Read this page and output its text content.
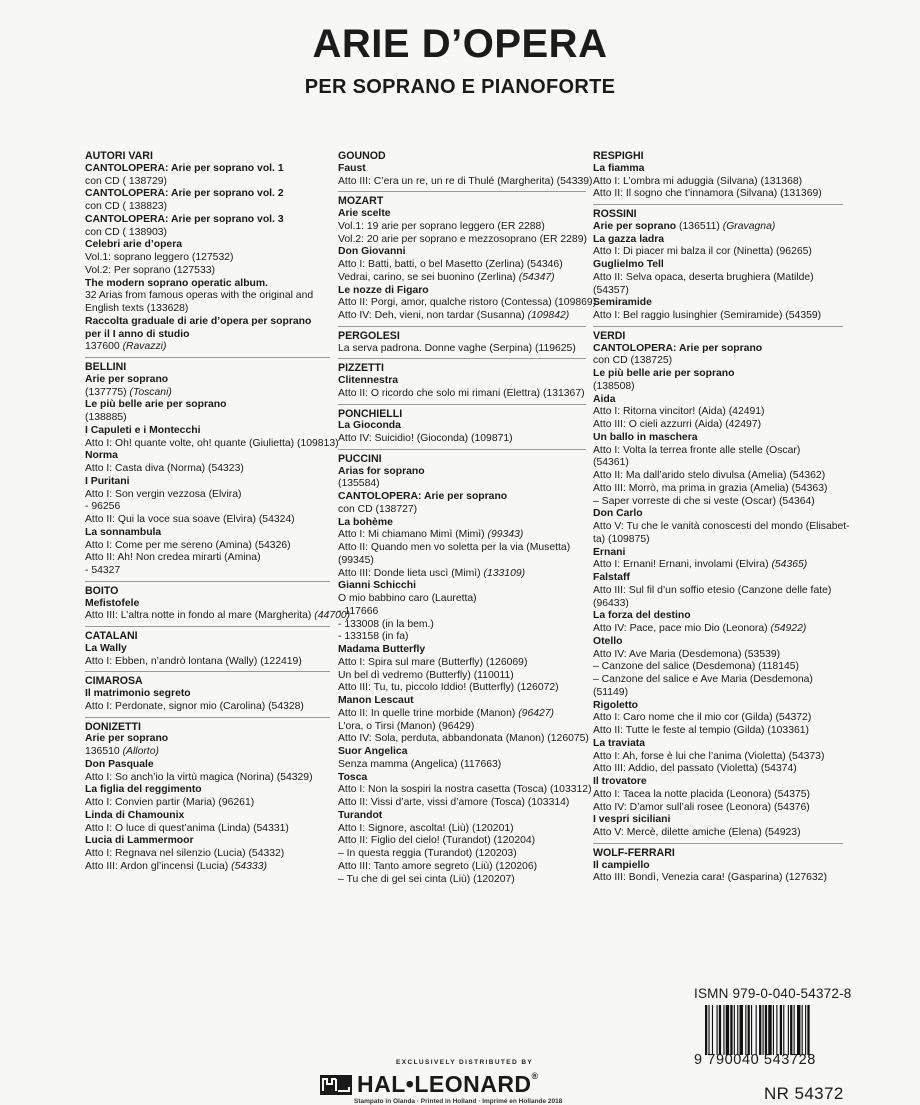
ARIE D’OPERA
PER SOPRANO E PIANOFORTE
AUTORI VARI
CANTOLOPERA: Arie per soprano vol. 1
con CD ( 138729)
CANTOLOPERA: Arie per soprano vol. 2
con CD ( 138823)
CANTOLOPERA: Arie per soprano vol. 3
con CD ( 138903)
Celebri arie d’opera
Vol.1: soprano leggero (127532)
Vol.2: Per soprano (127533)
The modern soprano operatic album.
32 Arias from famous operas with the original and English texts (133628)
Raccolta graduale di arie d’opera per soprano per il I anno di studio
137600 (Ravazzi)
BELLINI
Arie per soprano
(137775) (Toscani)
Le più belle arie per soprano
(138885)
I Capuleti e i Montecchi
Atto I: Oh! quante volte, oh! quante (Giulietta) (109813)
Norma
Atto I: Casta diva (Norma) (54323)
I Puritani
Atto I: Son vergin vezzosa (Elvira)
- 96256
Atto II: Qui la voce sua soave (Elvira) (54324)
La sonnambula
Atto I: Come per me sereno (Amina) (54326)
Atto II: Ah! Non credea mirarti (Amina)
- 54327
BOITO
Mefistofele
Atto III: L’altra notte in fondo al mare (Margherita) (44700)
CATALANI
La Wally
Atto I: Ebben, n’andrò lontana (Wally) (122419)
CIMAROSA
Il matrimonio segreto
Atto I: Perdonate, signor mio (Carolina) (54328)
DONIZETTI
Arie per soprano
136510 (Allorto)
Don Pasquale
Atto I: So anch’io la virtù magica (Norina) (54329)
La figlia del reggimento
Atto I: Convien partir (Maria) (96261)
Linda di Chamounix
Atto I: O luce di quest’anima (Linda) (54331)
Lucia di Lammermoor
Atto I: Regnava nel silenzio (Lucia) (54332)
Atto III: Ardon gl’incensi (Lucia) (54333)
GOUNOD
Faust
Atto III: C’era un re, un re di Thulé (Margherita) (54339)
MOZART
Arie scelte
Vol.1: 19 arie per soprano leggero (ER 2288)
Vol.2: 20 arie per soprano e mezzosoprano (ER 2289)
Don Giovanni
Atto I: Batti, batti, o bel Masetto (Zerlina) (54346)
Vedrai, carino, se sei buonino (Zerlina) (54347)
Le nozze di Figaro
Atto II: Porgi, amor, qualche ristoro (Contessa) (109869)
Atto IV: Deh, vieni, non tardar (Susanna) (109842)
PERGOLESI
La serva padrona. Donne vaghe (Serpina) (119625)
PIZZETTI
Clitennestra
Atto II: O ricordo che solo mi rimani (Elettra) (131367)
PONCHIELLI
La Gioconda
Atto IV: Suicidio! (Gioconda) (109871)
PUCCINI
Arias for soprano
(135584)
CANTOLOPERA: Arie per soprano
con CD (138727)
La bohème
Atto I: Mi chiamano Mimì (Mimì) (99343)
Atto II: Quando men vo soletta per la via (Musetta)
(99345)
Atto III: Donde lieta uscì (Mimì) (133109)
Gianni Schicchi
O mio babbino caro (Lauretta)
- 117666
- 133008 (in la bem.)
- 133158 (in fa)
Madama Butterfly
Atto I: Spira sul mare (Butterfly) (126069)
Un bel dì vedremo (Butterfly) (110011)
Atto III: Tu, tu, piccolo Iddio! (Butterfly) (126072)
Manon Lescaut
Atto II: In quelle trine morbide (Manon) (96427)
L’ora, o Tirsi (Manon) (96429)
Atto IV: Sola, perduta, abbandonata (Manon) (126075)
Suor Angelica
Senza mamma (Angelica) (117663)
Tosca
Atto I: Non la sospiri la nostra casetta (Tosca) (103312)
Atto II: Vissi d’arte, vissi d’amore (Tosca) (103314)
Turandot
Atto I: Signore, ascolta! (Liù) (120201)
Atto II: Figlio del cielo! (Turandot) (120204)
– In questa reggia (Turandot) (120203)
Atto III: Tanto amore segreto (Liù) (120206)
– Tu che di gel sei cinta (Liù) (120207)
RESPIGHI
La fiamma
Atto I: L’ombra mi aduggia (Silvana) (131368)
Atto II: Il sogno che t’innamora (Silvana) (131369)
ROSSINI
Arie per soprano (136511) (Gravagna)
La gazza ladra
Atto I: Di piacer mi balza il cor (Ninetta) (96265)
Guglielmo Tell
Atto II: Selva opaca, deserta brughiera (Matilde)
(54357)
Semiramide
Atto I: Bel raggio lusinghier (Semiramide) (54359)
VERDI
CANTOLOPERA: Arie per soprano
con CD (138725)
Le più belle arie per soprano
(138508)
Aida
Atto I: Ritorna vincitor! (Aida) (42491)
Atto III: O cieli azzurri (Aida) (42497)
Un ballo in maschera
Atto I: Volta la terrea fronte alle stelle (Oscar)
(54361)
Atto II: Ma dall’arido stelo divulsa (Amelia) (54362)
Atto III: Morrò, ma prima in grazia (Amelia) (54363)
– Saper vorreste di che si veste (Oscar) (54364)
Don Carlo
Atto V: Tu che le vanità conoscesti del mondo (Elisabet-
ta) (109875)
Ernani
Atto I: Ernani! Ernani, involami (Elvira) (54365)
Falstaff
Atto III: Sul fil d’un soffio etesio (Canzone delle fate)
(96433)
La forza del destino
Atto IV: Pace, pace mio Dio (Leonora) (54922)
Otello
Atto IV: Ave Maria (Desdemona) (53539)
– Canzone del salice (Desdemona) (118145)
– Canzone del salice e Ave Maria (Desdemona)
(51149)
Rigoletto
Atto I: Caro nome che il mio cor (Gilda) (54372)
Atto II: Tutte le feste al tempio (Gilda) (103361)
La traviata
Atto I: Ah, forse è lui che l’anima (Violetta) (54373)
Atto III: Addio, del passato (Violetta) (54374)
Il trovatore
Atto I: Tacea la notte placida (Leonora) (54375)
Atto IV: D’amor sull’ali rosee (Leonora) (54376)
I vespri siciliani
Atto V: Mercè, dilette amiche (Elena) (54923)
WOLF-FERRARI
Il campiello
Atto III: Bondì, Venezia cara! (Gasparina) (127632)
ISMN 979-0-040-54372-8
9 790040 543728
NR 54372
EXCLUSIVELY DISTRIBUTED BY
HAL•LEONARD®
Stampato in Olanda · Printed in Holland · Imprimé en Hollande 2018
